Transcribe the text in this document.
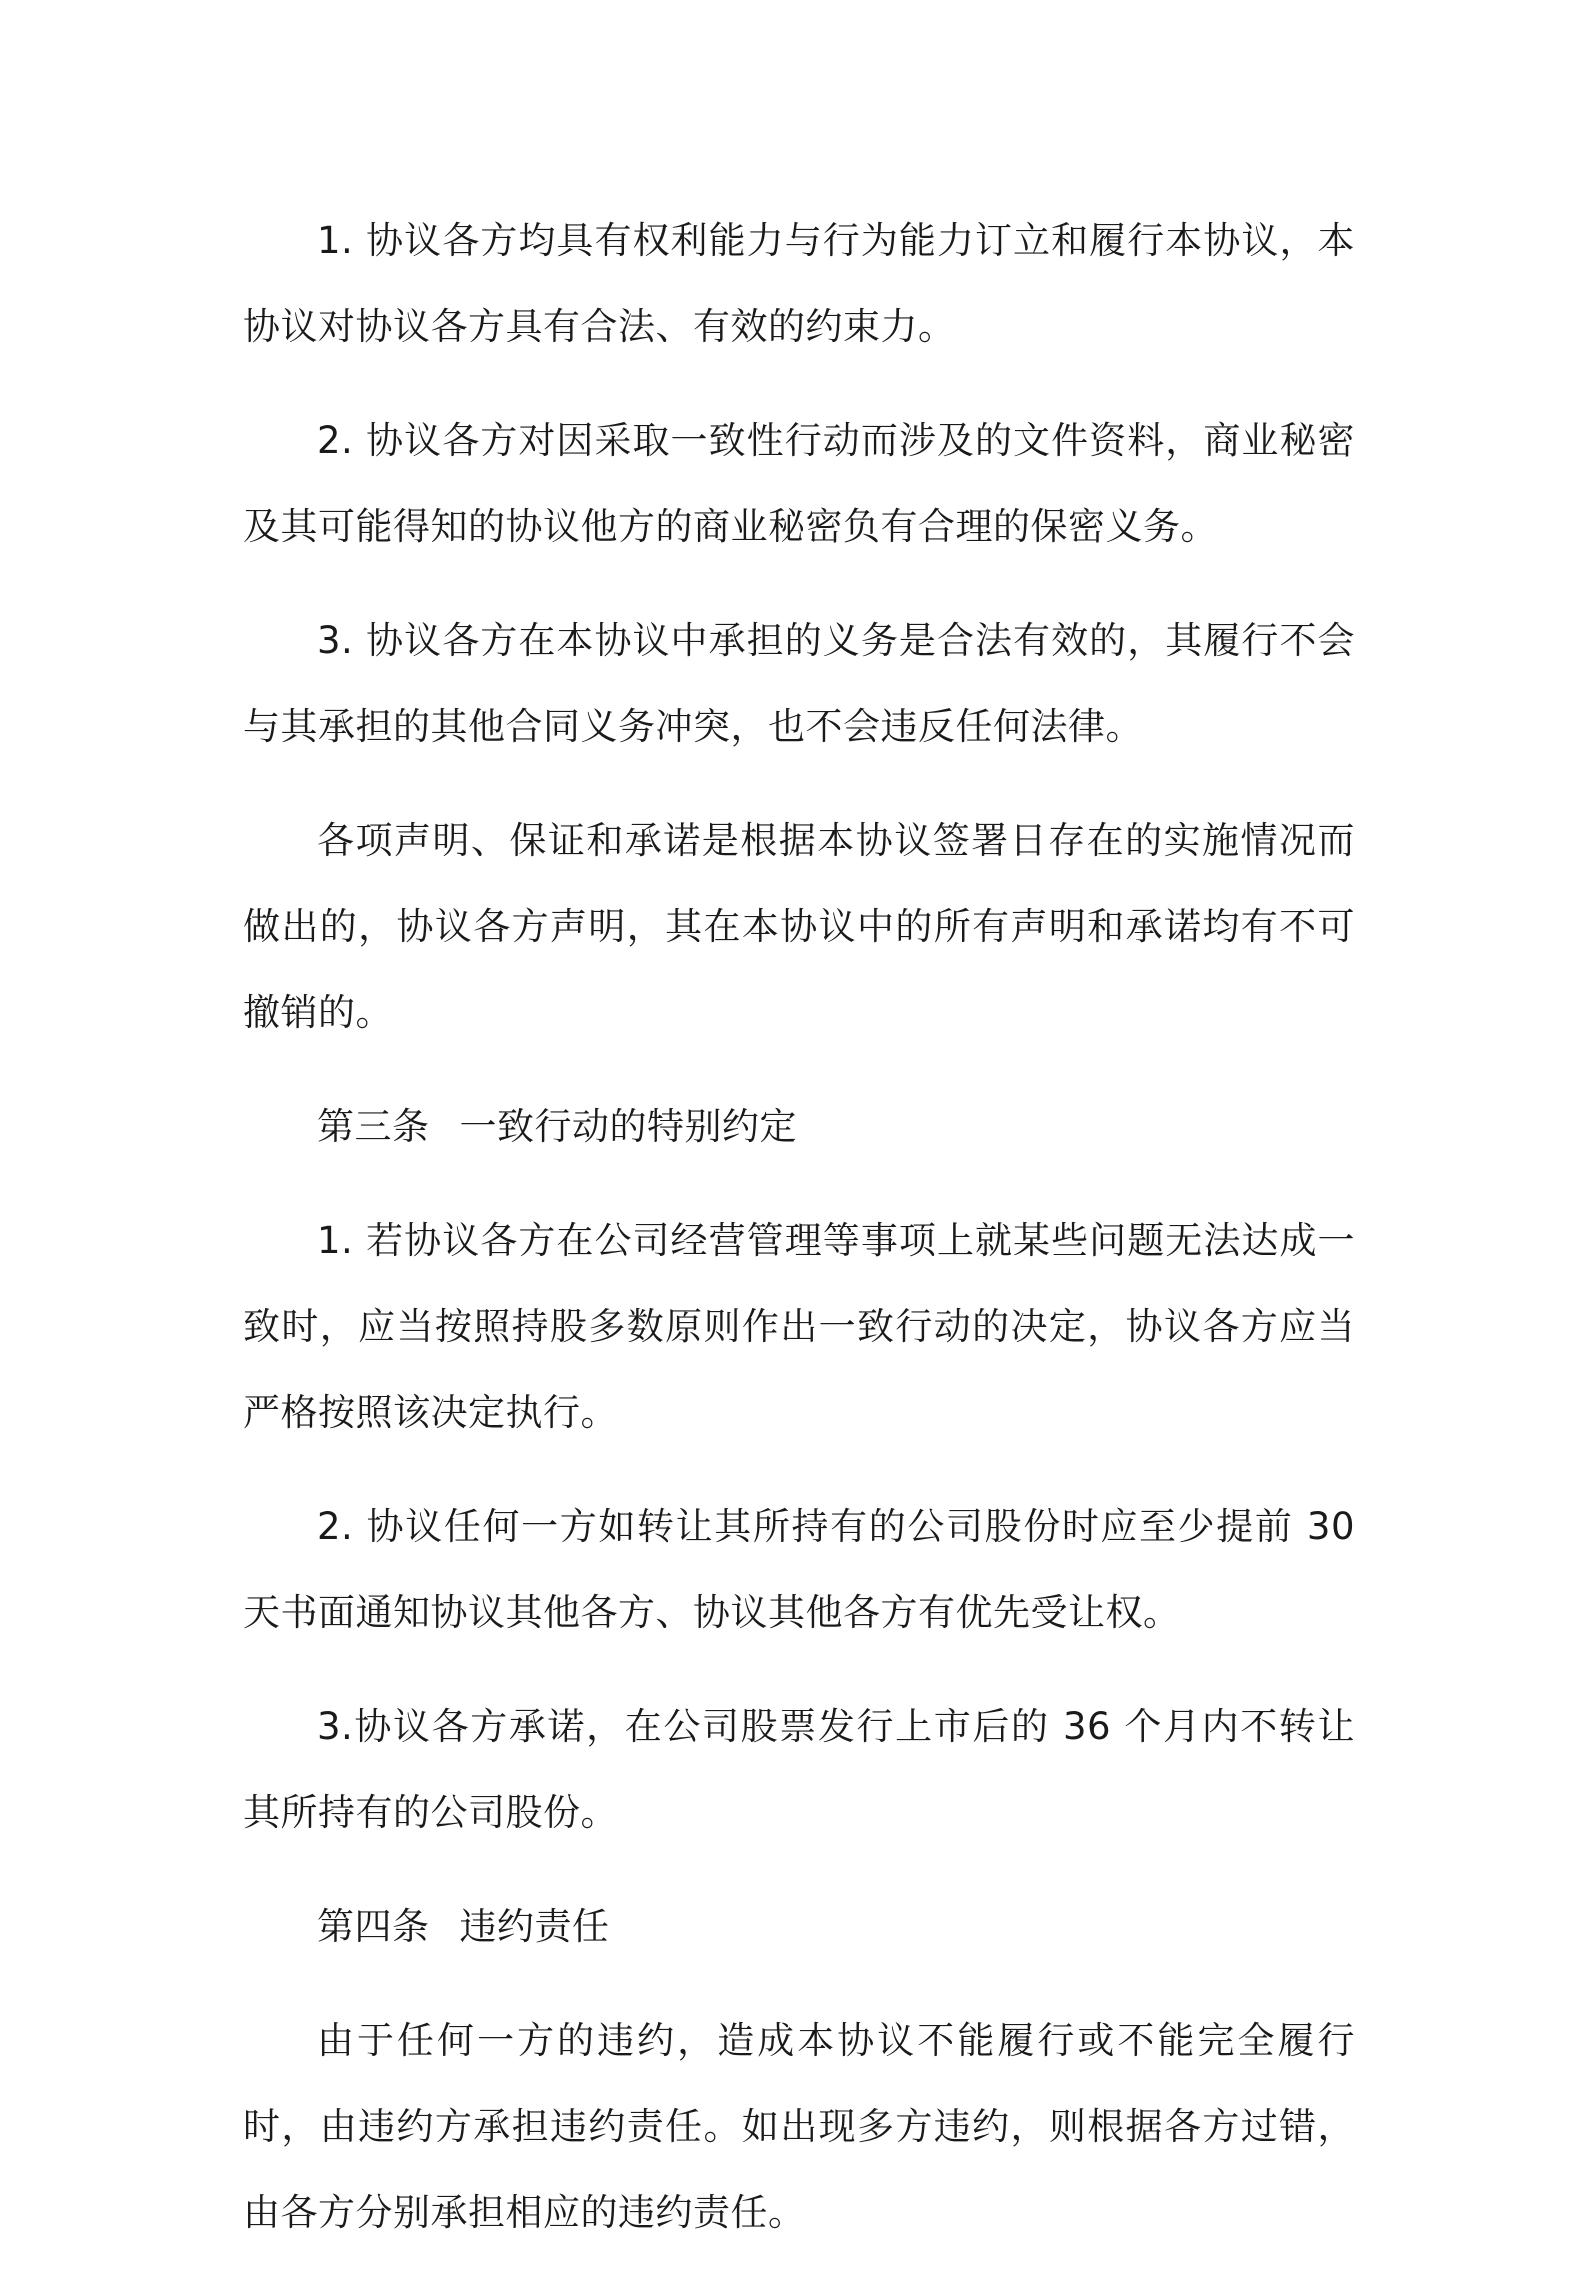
1. 协议各方均具有权利能力与行为能力订立和履行本协议，本协议对协议各方具有合法、有效的约束力。

2. 协议各方对因采取一致性行动而涉及的文件资料，商业秘密及其可能得知的协议他方的商业秘密负有合理的保密义务。

3. 协议各方在本协议中承担的义务是合法有效的，其履行不会与其承担的其他合同义务冲突，也不会违反任何法律。

各项声明、保证和承诺是根据本协议签署日存在的实施情况而做出的，协议各方声明，其在本协议中的所有声明和承诺均有不可撤销的。

第三条 一致行动的特别约定

1. 若协议各方在公司经营管理等事项上就某些问题无法达成一致时，应当按照持股多数原则作出一致行动的决定，协议各方应当严格按照该决定执行。

2. 协议任何一方如转让其所持有的公司股份时应至少提前 30 天书面通知协议其他各方、协议其他各方有优先受让权。

3.协议各方承诺，在公司股票发行上市后的 36 个月内不转让其所持有的公司股份。

第四条 违约责任

由于任何一方的违约，造成本协议不能履行或不能完全履行时，由违约方承担违约责任。如出现多方违约，则根据各方过错，由各方分别承担相应的违约责任。
